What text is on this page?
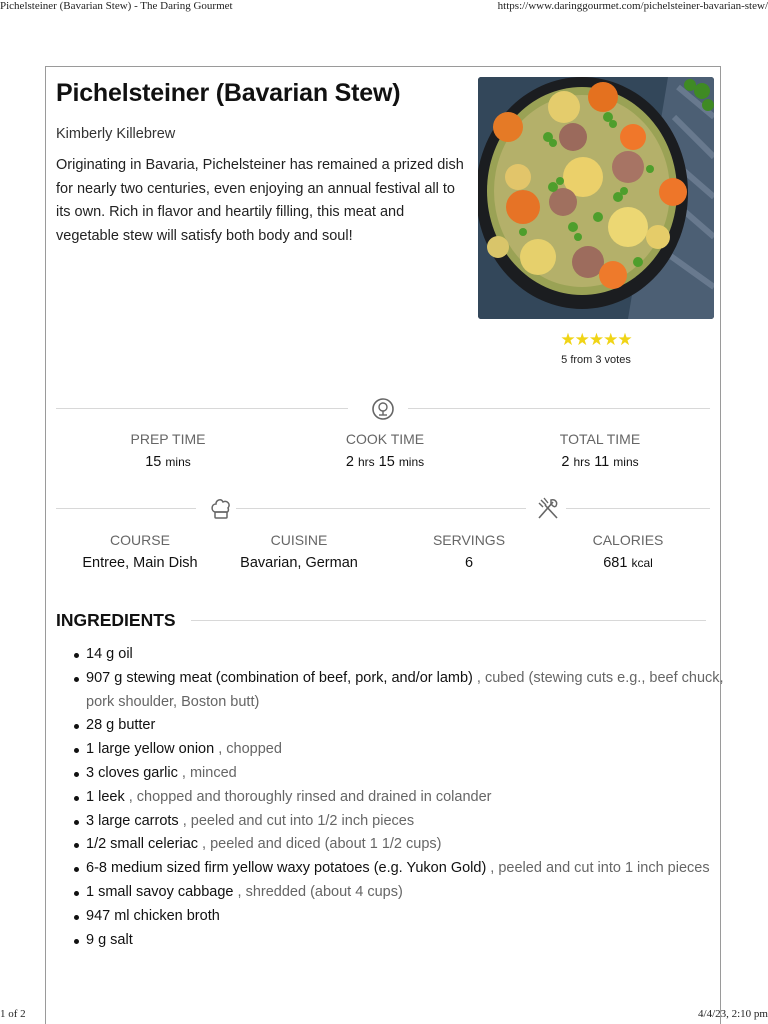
Pichelsteiner (Bavarian Stew) - The Daring Gourmet	https://www.daringgourmet.com/pichelsteiner-bavarian-stew/
Pichelsteiner (Bavarian Stew)
Kimberly Killebrew

Originating in Bavaria, Pichelsteiner has remained a prized dish for nearly two centuries, even enjoying an annual festival all to its own. Rich in flavor and heartily filling, this meat and vegetable stew will satisfy both body and soul!

★★★★★
5 from 3 votes
PREP TIME
15 mins
COOK TIME
2 hrs 15 mins
TOTAL TIME
2 hrs 11 mins
COURSE
Entree, Main Dish
CUISINE
Bavarian, German
SERVINGS
6
CALORIES
681 kcal
INGREDIENTS
14 g oil
907 g stewing meat (combination of beef, pork, and/or lamb) , cubed (stewing cuts e.g., beef chuck, pork shoulder, Boston butt)
28 g butter
1 large yellow onion , chopped
3 cloves garlic , minced
1 leek , chopped and thoroughly rinsed and drained in colander
3 large carrots , peeled and cut into 1/2 inch pieces
1/2 small celeriac , peeled and diced (about 1 1/2 cups)
6-8 medium sized firm yellow waxy potatoes (e.g. Yukon Gold) , peeled and cut into 1 inch pieces
1 small savoy cabbage , shredded (about 4 cups)
947 ml chicken broth
9 g salt
1 of 2	4/4/23, 2:10 pm
